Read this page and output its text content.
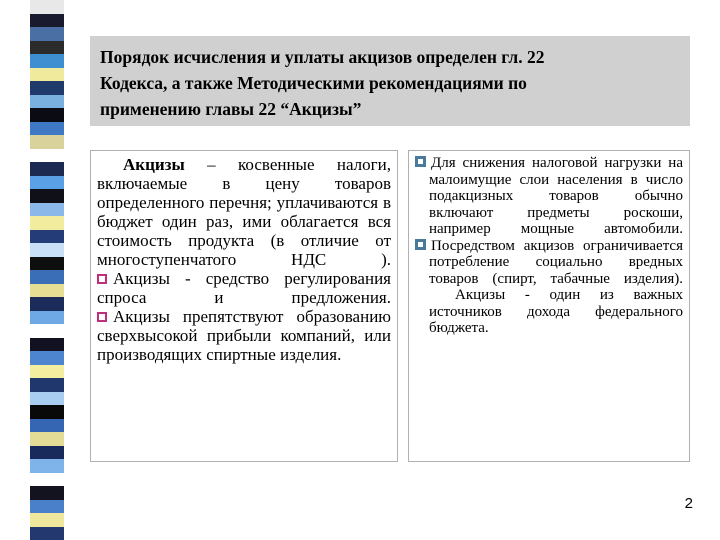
Порядок исчисления и уплаты акцизов определен гл. 22
Кодекса, а также Методическими рекомендациями по
применению главы 22 “Акцизы”

Акцизы – косвенные налоги, включаемые в цену товаров определенного перечня; уплачиваются в бюджет один раз, ими облагается вся стоимость продукта (в отличие от многоступенчатого НДС ).

Акцизы - средство регулирования спроса и предложения.

Акцизы препятствуют образованию сверхвысокой прибыли компаний, или производящих спиртные изделия.

Для снижения налоговой нагрузки на малоимущие слои населения в число подакцизных товаров обычно включают предметы роскоши, например мощные автомобили.

Посредством акцизов ограничивается потребление социально вредных товаров (спирт, табачные изделия).

Акцизы - один из важных источников дохода федерального бюджета.

2
